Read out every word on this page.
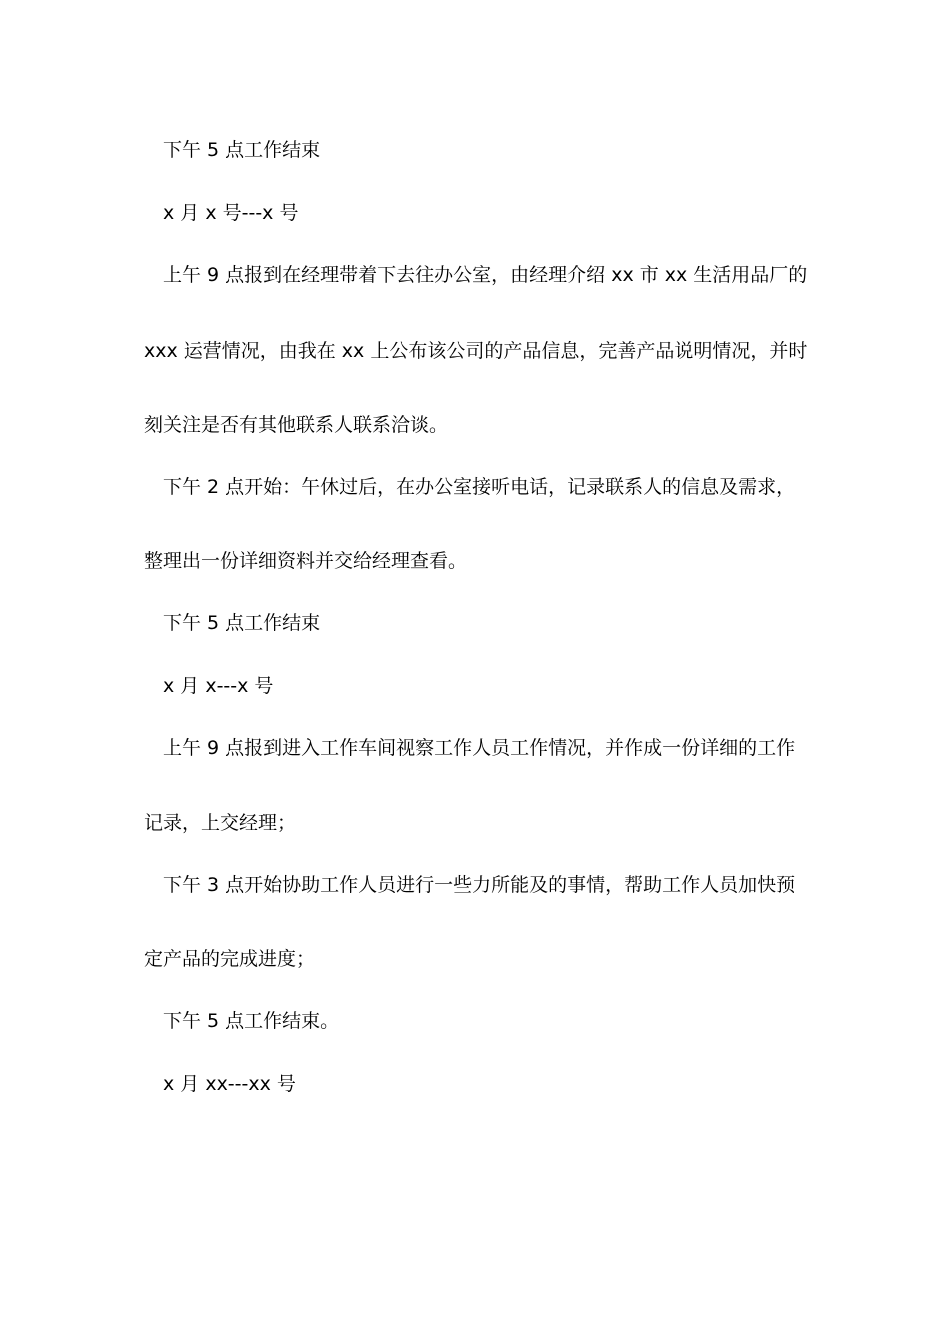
下午 5 点工作结束
x 月 x 号---x 号
上午 9 点报到在经理带着下去往办公室，由经理介绍 xx 市 xx 生活用品厂的
xxx 运营情况，由我在 xx 上公布该公司的产品信息，完善产品说明情况，并时
刻关注是否有其他联系人联系洽谈。
下午 2 点开始：午休过后，在办公室接听电话，记录联系人的信息及需求，
整理出一份详细资料并交给经理查看。
下午 5 点工作结束
x 月 x---x 号
上午 9 点报到进入工作车间视察工作人员工作情况，并作成一份详细的工作
记录，上交经理；
下午 3 点开始协助工作人员进行一些力所能及的事情，帮助工作人员加快预
定产品的完成进度；
下午 5 点工作结束。
x 月 xx---xx 号
